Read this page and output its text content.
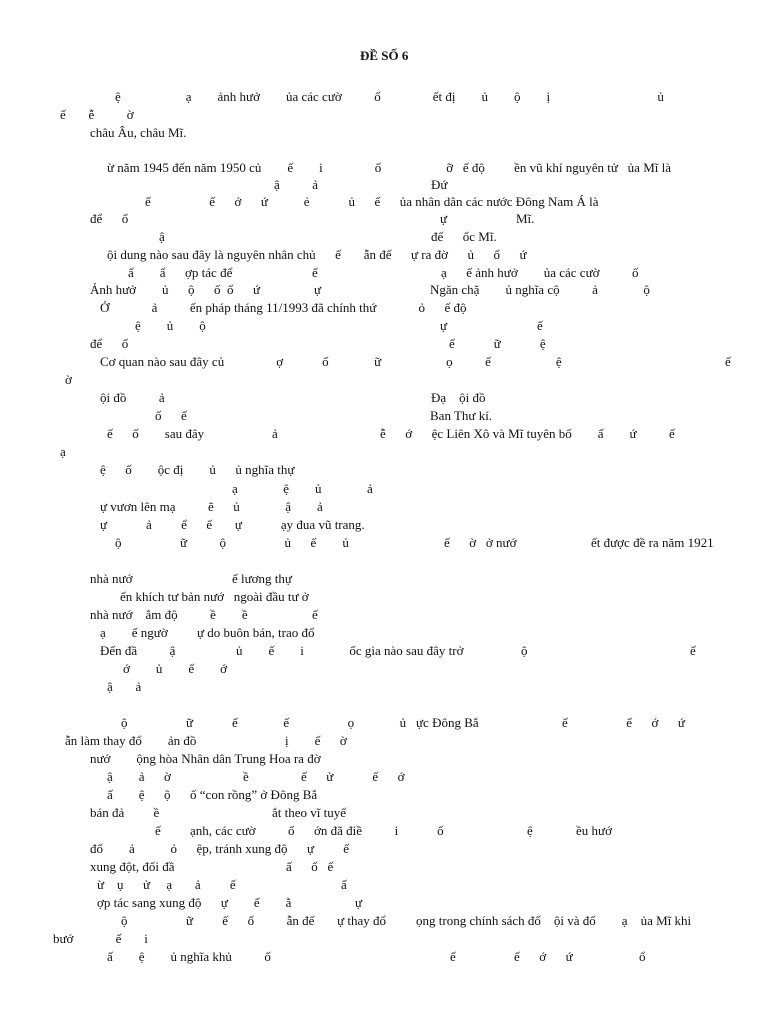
ĐỀ SỐ 6
ệ                    ạ        ảnh hưở        ủa các cườ          ố                ết đị        ủ        ộ        ị                                 ủ
ế       ễ          ờ
châu Âu, châu Mĩ.
ừ năm 1945 đến năm 1950 củ        ế        i                ố                    ỡ   ế độ         ền vũ khí nguyên tử   ủa Mĩ là
ậ          ả	Đứ
ế                  ế      ớ      ứ           ẻ            ủ      ế      ủa nhân dân các nước Đông Nam Á là
để      ố	ự	Mĩ.
ậ	đế      ốc Mĩ.
ội dung nào sau đây là nguyên nhân chủ      ế       ẫn đế      ự ra đờ      ủ      ổ      ứ
ẩ        ẩ      ợp tác để	ế	ạ      ế ảnh hưở        ủa các cườ          ố
Ảnh hưở        ủ      ộ      ố  ổ      ứ	ự	Ngăn chặ        ủ nghĩa cộ          ả              ộ
Ở             ả          ến pháp tháng 11/1993 đã chính thứ             ỏ      ế độ
ệ        ủ        ộ	ự	ế
để      ố	ế            ữ            ệ
Cơ quan nào sau đây củ                ợ            ố              ữ                    ọ          ế                    ệ	ế
ờ
ội đồ          ả	Đạ    ội đồ
ố      ế	Ban Thư kí.
ế      ố        sau đây	ả	ễ      ớ      ệc Liên Xô và Mĩ tuyên bố        ấ        ứ          ế
ạ
ệ      ố        ộc đị        ủ      ủ nghĩa thự
ạ              ệ        ủ              ả
ự vươn lên mạ          ẽ      ủ              ậ        ả
ự            ả         ể      ế       ự            ạy đua vũ trang.
ộ                  ữ          ộ                  ủ      ế        ủ	ế      ờ   ở nướ	ết được đề ra năm 1921
nhà nướ	ế lương thự
ến khích tư bản nướ   ngoài đầu tư ở
nhà nướ    ắm độ          ề        ề	ế
ạ        ế ngườ         ự do buôn bán, trao đổ
Đến đầ          ậ	ủ        ế        i              ốc gia nào sau đây trở	ộ	ế
ớ        ủ        ế        ớ
ậ       ả
ộ                  ữ            ế              ế                  ọ              ủ ực Đông Bắ	ế                  ế      ớ      ứ
ẫn làm thay đổ        ản đồ	ị        ế      ờ
nướ        ộng hòa Nhân dân Trung Hoa ra đờ
ậ        ả      ờ	ề	ế      ử            ế      ớ
ấ        ệ      ộ      ố “con rồng” ở Đông Bắ
bán đả         ề	ắt theo vĩ tuyế
ế         ạnh, các cườ          ố      ớn đã điề          i            ố	ệ	ều hướ
đố        ả           ỏ      ệp, tránh xung độ      ự         ế
xung đột, đối đầ	ấ      ố   ế
ừ    ụ      ử     ạ       ả         ế	ấ
ợp tác sang xung độ      ự        ế        ằ	ự
ộ                  ữ         ế      ố          ẫn đế       ự thay đổ ọng trong chính sách đố    ội và đố        ạ    ủa Mĩ khi
bướ             ế       i
ấ        ệ        ủ nghĩa khủ          ố	ế	ế      ớ      ứ	ổ
